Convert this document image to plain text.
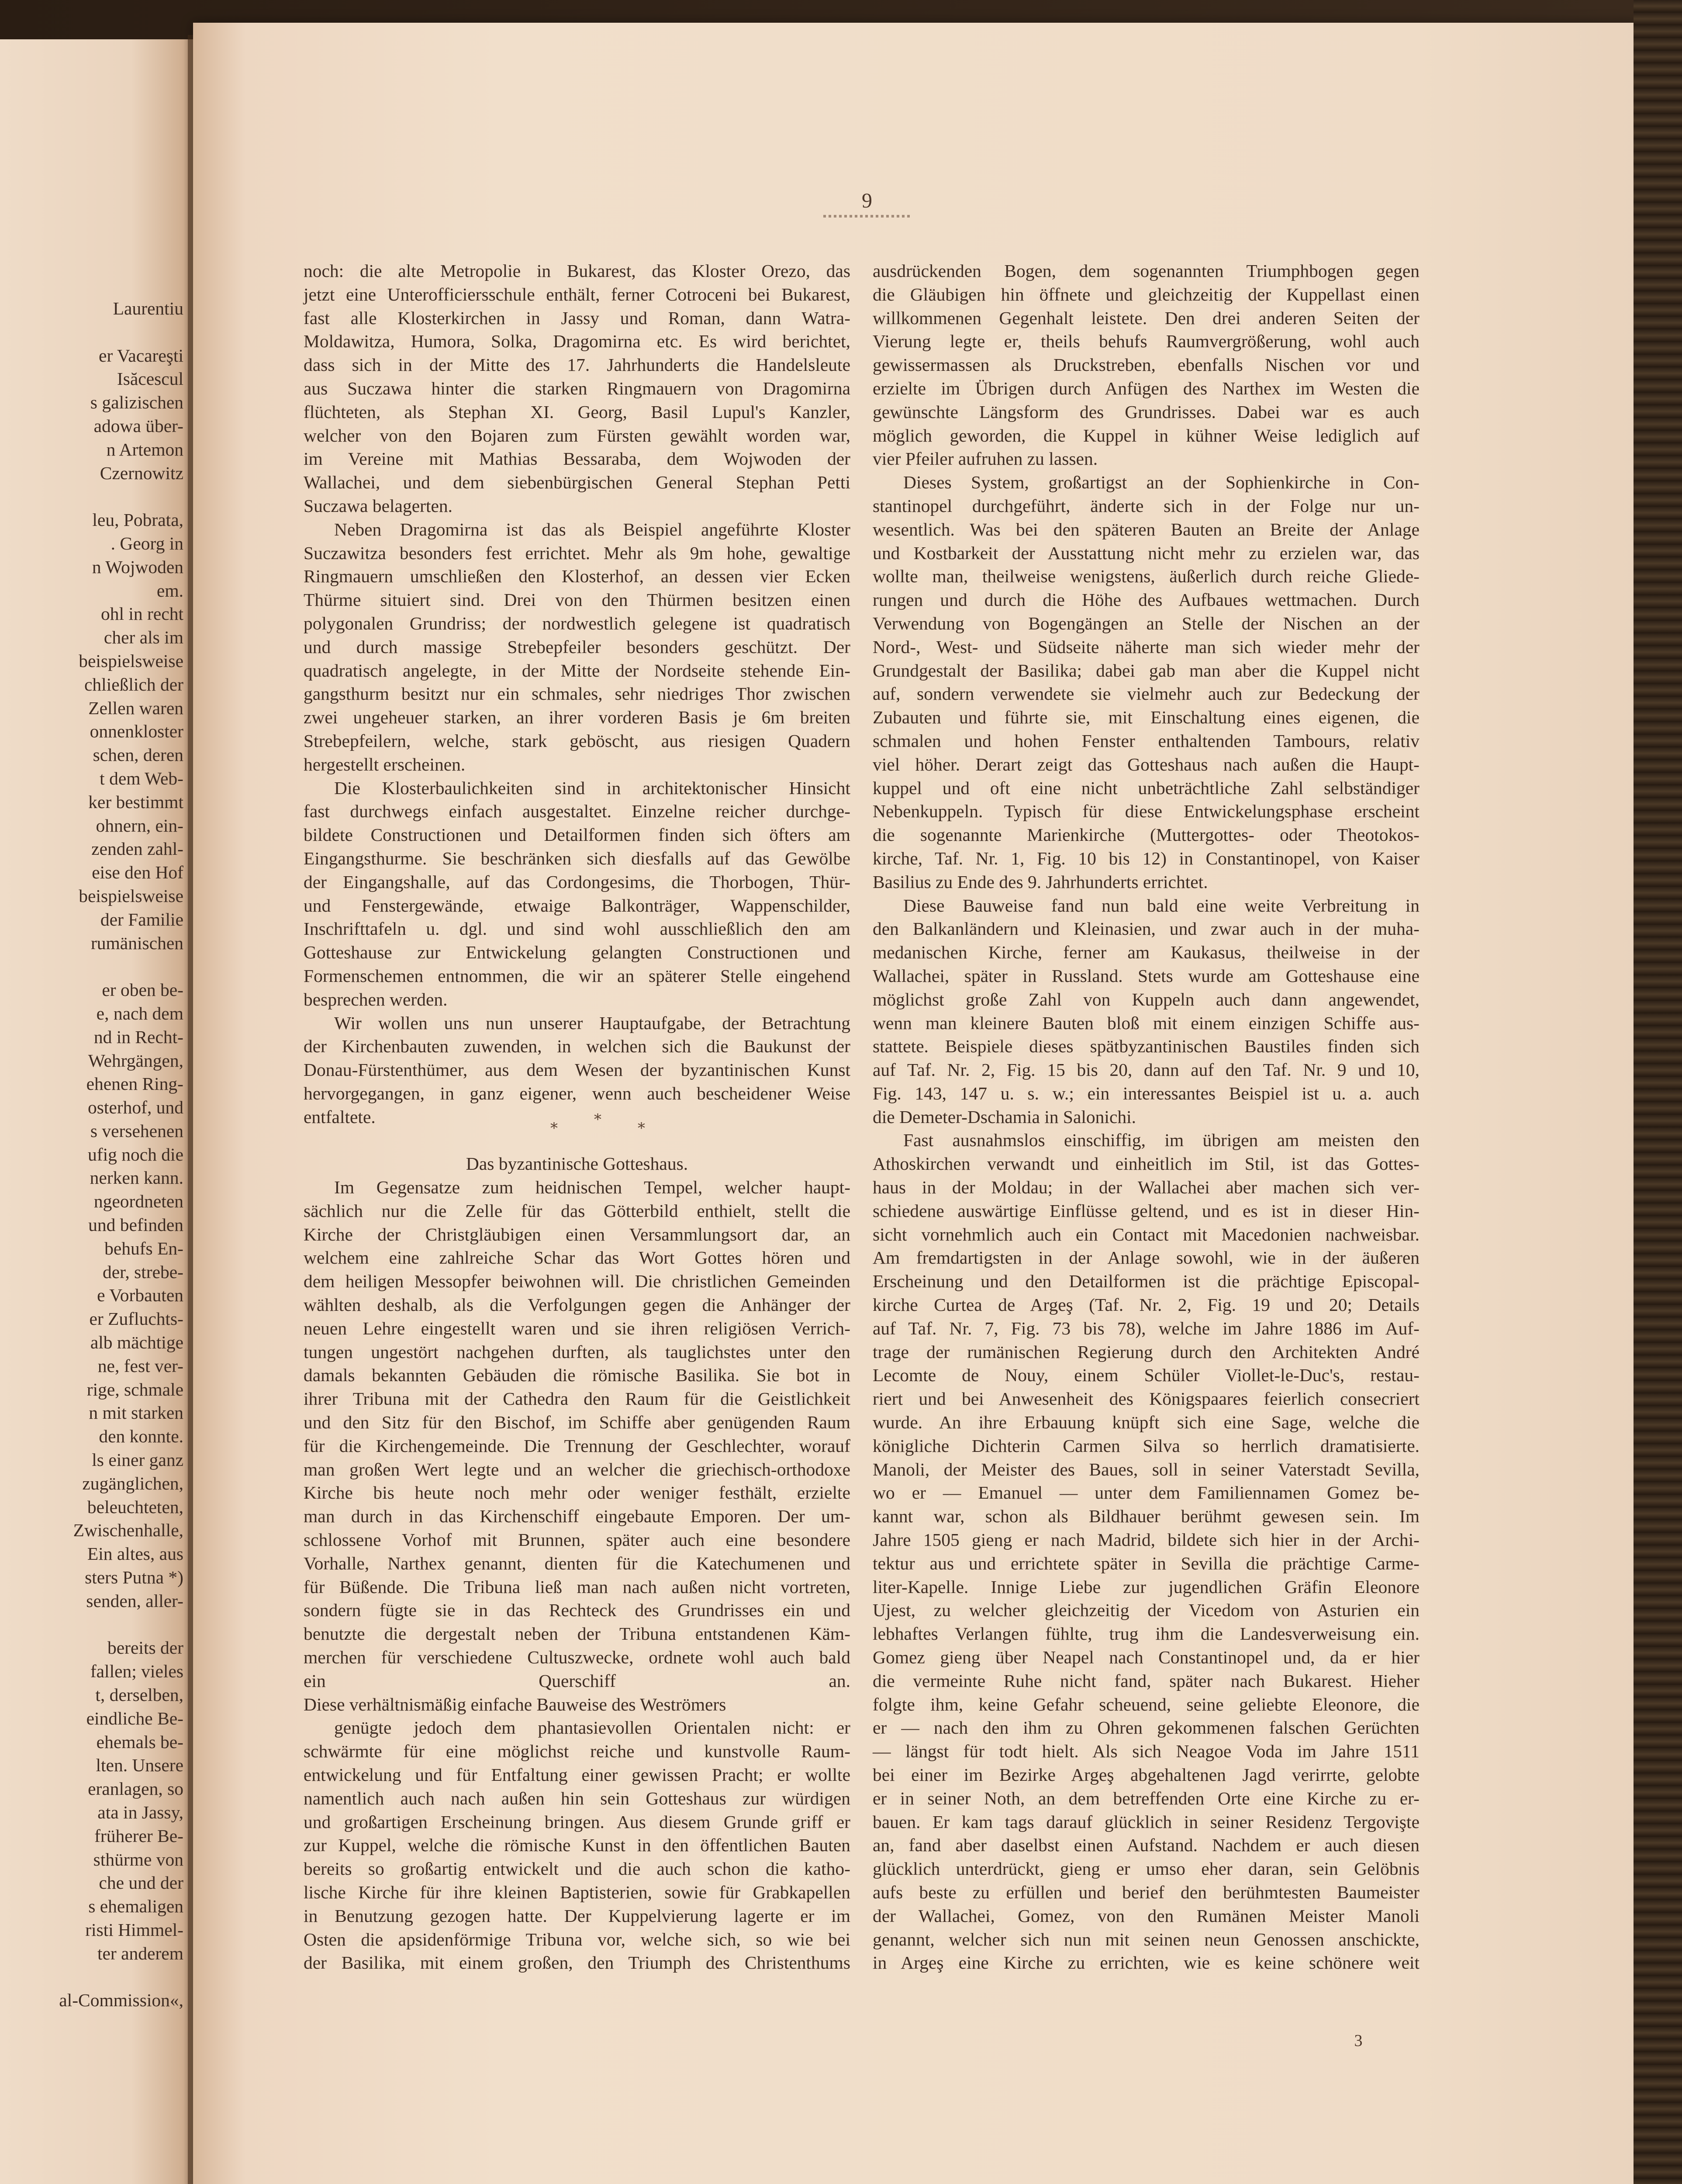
Laurentiu
er Vacareşti
Isăcescul
s galizischen
adowa über-
n Artemon
Czernowitz
leu, Pobrata,
. Georg in
n Wojwoden
em.
ohl in recht
cher als im
beispielsweise
chließlich der
Zellen waren
onnenkloster
schen, deren
t dem Web-
ker bestimmt
ohnern, ein-
zenden zahl-
eise den Hof
beispielsweise
der Familie
rumänischen
er oben be-
e, nach dem
nd in Recht-
Wehrgängen,
ehenen Ring-
osterhof, und
s versehenen
ufig noch die
nerken kann.
ngeordneten
und befinden
behufs En-
der, strebe-
e Vorbauten
er Zufluchts-
alb mächtige
ne, fest ver-
rige, schmale
n mit starken
den konnte.
ls einer ganz
zugänglichen,
beleuchteten,
Zwischenhalle,
Ein altes, aus
sters Putna *)
senden, aller-
bereits der
fallen; vieles
t, derselben,
eindliche Be-
ehemals be-
lten. Unsere
eranlagen, so
ata in Jassy,
früherer Be-
sthürme von
che und der
s ehemaligen
risti Himmel-
ter anderem
al-Commission«,
9
noch: die alte Metropolie in Bukarest, das Kloster Orezo, das
jetzt eine Unterofficiersschule enthält, ferner Cotroceni bei Bukarest,
fast alle Klosterkirchen in Jassy und Roman, dann Watra-
Moldawitza, Humora, Solka, Dragomirna etc. Es wird berichtet,
dass sich in der Mitte des 17. Jahrhunderts die Handelsleute
aus Suczawa hinter die starken Ringmauern von Dragomirna
flüchteten, als Stephan XI. Georg, Basil Lupul's Kanzler,
welcher von den Bojaren zum Fürsten gewählt worden war,
im Vereine mit Mathias Bessaraba, dem Wojwoden der
Wallachei, und dem siebenbürgischen General Stephan Petti
Suczawa belagerten.
Neben Dragomirna ist das als Beispiel angeführte Kloster
Suczawitza besonders fest errichtet. Mehr als 9m hohe, gewaltige
Ringmauern umschließen den Klosterhof, an dessen vier Ecken
Thürme situiert sind. Drei von den Thürmen besitzen einen
polygonalen Grundriss; der nordwestlich gelegene ist quadratisch
und durch massige Strebepfeiler besonders geschützt. Der
quadratisch angelegte, in der Mitte der Nordseite stehende Ein-
gangsthurm besitzt nur ein schmales, sehr niedriges Thor zwischen
zwei ungeheuer starken, an ihrer vorderen Basis je 6m breiten
Strebepfeilern, welche, stark geböscht, aus riesigen Quadern
hergestellt erscheinen.
Die Klosterbaulichkeiten sind in architektonischer Hinsicht
fast durchwegs einfach ausgestaltet. Einzelne reicher durchge-
bildete Constructionen und Detailformen finden sich öfters am
Eingangsthurme. Sie beschränken sich diesfalls auf das Gewölbe
der Eingangshalle, auf das Cordongesims, die Thorbogen, Thür-
und Fenstergewände, etwaige Balkonträger, Wappenschilder,
Inschrifttafeln u. dgl. und sind wohl ausschließlich den am
Gotteshause zur Entwickelung gelangten Constructionen und
Formenschemen entnommen, die wir an späterer Stelle eingehend
besprechen werden.
Wir wollen uns nun unserer Hauptaufgabe, der Betrachtung
der Kirchenbauten zuwenden, in welchen sich die Baukunst der
Donau-Fürstenthümer, aus dem Wesen der byzantinischen Kunst
hervorgegangen, in ganz eigener, wenn auch bescheidener Weise
entfaltete.
Das byzantinische Gotteshaus.
Im Gegensatze zum heidnischen Tempel, welcher haupt-
sächlich nur die Zelle für das Götterbild enthielt, stellt die
Kirche der Christgläubigen einen Versammlungsort dar, an
welchem eine zahlreiche Schar das Wort Gottes hören und
dem heiligen Messopfer beiwohnen will. Die christlichen Gemeinden
wählten deshalb, als die Verfolgungen gegen die Anhänger der
neuen Lehre eingestellt waren und sie ihren religiösen Verrich-
tungen ungestört nachgehen durften, als tauglichstes unter den
damals bekannten Gebäuden die römische Basilika. Sie bot in
ihrer Tribuna mit der Cathedra den Raum für die Geistlichkeit
und den Sitz für den Bischof, im Schiffe aber genügenden Raum
für die Kirchengemeinde. Die Trennung der Geschlechter, worauf
man großen Wert legte und an welcher die griechisch-orthodoxe
Kirche bis heute noch mehr oder weniger festhält, erzielte
man durch in das Kirchenschiff eingebaute Emporen. Der um-
schlossene Vorhof mit Brunnen, später auch eine besondere
Vorhalle, Narthex genannt, dienten für die Katechumenen und
für Büßende. Die Tribuna ließ man nach außen nicht vortreten,
sondern fügte sie in das Rechteck des Grundrisses ein und
benutzte die dergestalt neben der Tribuna entstandenen Käm-
merchen für verschiedene Cultuszwecke, ordnete wohl auch bald
ein Querschiff an.
Diese verhältnismäßig einfache Bauweise des Weströmers
genügte jedoch dem phantasievollen Orientalen nicht: er
schwärmte für eine möglichst reiche und kunstvolle Raum-
entwickelung und für Entfaltung einer gewissen Pracht; er wollte
namentlich auch nach außen hin sein Gotteshaus zur würdigen
und großartigen Erscheinung bringen. Aus diesem Grunde griff er
zur Kuppel, welche die römische Kunst in den öffentlichen Bauten
bereits so großartig entwickelt und die auch schon die katho-
lische Kirche für ihre kleinen Baptisterien, sowie für Grabkapellen
in Benutzung gezogen hatte. Der Kuppelvierung lagerte er im
Osten die apsidenförmige Tribuna vor, welche sich, so wie bei
der Basilika, mit einem großen, den Triumph des Christenthums
ausdrückenden Bogen, dem sogenannten Triumphbogen gegen
die Gläubigen hin öffnete und gleichzeitig der Kuppellast einen
willkommenen Gegenhalt leistete. Den drei anderen Seiten der
Vierung legte er, theils behufs Raumvergrößerung, wohl auch
gewissermassen als Druckstreben, ebenfalls Nischen vor und
erzielte im Übrigen durch Anfügen des Narthex im Westen die
gewünschte Längsform des Grundrisses. Dabei war es auch
möglich geworden, die Kuppel in kühner Weise lediglich auf
vier Pfeiler aufruhen zu lassen.
Dieses System, großartigst an der Sophienkirche in Con-
stantinopel durchgeführt, änderte sich in der Folge nur un-
wesentlich. Was bei den späteren Bauten an Breite der Anlage
und Kostbarkeit der Ausstattung nicht mehr zu erzielen war, das
wollte man, theilweise wenigstens, äußerlich durch reiche Gliede-
rungen und durch die Höhe des Aufbaues wettmachen. Durch
Verwendung von Bogengängen an Stelle der Nischen an der
Nord-, West- und Südseite näherte man sich wieder mehr der
Grundgestalt der Basilika; dabei gab man aber die Kuppel nicht
auf, sondern verwendete sie vielmehr auch zur Bedeckung der
Zubauten und führte sie, mit Einschaltung eines eigenen, die
schmalen und hohen Fenster enthaltenden Tambours, relativ
viel höher. Derart zeigt das Gotteshaus nach außen die Haupt-
kuppel und oft eine nicht unbeträchtliche Zahl selbständiger
Nebenkuppeln. Typisch für diese Entwickelungsphase erscheint
die sogenannte Marienkirche (Muttergottes- oder Theotokos-
kirche, Taf. Nr. 1, Fig. 10 bis 12) in Constantinopel, von Kaiser
Basilius zu Ende des 9. Jahrhunderts errichtet.
Diese Bauweise fand nun bald eine weite Verbreitung in
den Balkanländern und Kleinasien, und zwar auch in der muha-
medanischen Kirche, ferner am Kaukasus, theilweise in der
Wallachei, später in Russland. Stets wurde am Gotteshause eine
möglichst große Zahl von Kuppeln auch dann angewendet,
wenn man kleinere Bauten bloß mit einem einzigen Schiffe aus-
stattete. Beispiele dieses spätbyzantinischen Baustiles finden sich
auf Taf. Nr. 2, Fig. 15 bis 20, dann auf den Taf. Nr. 9 und 10,
Fig. 143, 147 u. s. w.; ein interessantes Beispiel ist u. a. auch
die Demeter-Dschamia in Salonichi.
Fast ausnahmslos einschiffig, im übrigen am meisten den
Athoskirchen verwandt und einheitlich im Stil, ist das Gottes-
haus in der Moldau; in der Wallachei aber machen sich ver-
schiedene auswärtige Einflüsse geltend, und es ist in dieser Hin-
sicht vornehmlich auch ein Contact mit Macedonien nachweisbar.
Am fremdartigsten in der Anlage sowohl, wie in der äußeren
Erscheinung und den Detailformen ist die prächtige Episcopal-
kirche Curtea de Argeş (Taf. Nr. 2, Fig. 19 und 20; Details
auf Taf. Nr. 7, Fig. 73 bis 78), welche im Jahre 1886 im Auf-
trage der rumänischen Regierung durch den Architekten André
Lecomte de Nouy, einem Schüler Viollet-le-Duc's, restau-
riert und bei Anwesenheit des Königspaares feierlich consecriert
wurde. An ihre Erbauung knüpft sich eine Sage, welche die
königliche Dichterin Carmen Silva so herrlich dramatisierte.
Manoli, der Meister des Baues, soll in seiner Vaterstadt Sevilla,
wo er — Emanuel — unter dem Familiennamen Gomez be-
kannt war, schon als Bildhauer berühmt gewesen sein. Im
Jahre 1505 gieng er nach Madrid, bildete sich hier in der Archi-
tektur aus und errichtete später in Sevilla die prächtige Carme-
liter-Kapelle. Innige Liebe zur jugendlichen Gräfin Eleonore
Ujest, zu welcher gleichzeitig der Vicedom von Asturien ein
lebhaftes Verlangen fühlte, trug ihm die Landesverweisung ein.
Gomez gieng über Neapel nach Constantinopel und, da er hier
die vermeinte Ruhe nicht fand, später nach Bukarest. Hieher
folgte ihm, keine Gefahr scheuend, seine geliebte Eleonore, die
er — nach den ihm zu Ohren gekommenen falschen Gerüchten
— längst für todt hielt. Als sich Neagoe Voda im Jahre 1511
bei einer im Bezirke Argeş abgehaltenen Jagd verirrte, gelobte
er in seiner Noth, an dem betreffenden Orte eine Kirche zu er-
bauen. Er kam tags darauf glücklich in seiner Residenz Tergovişte
an, fand aber daselbst einen Aufstand. Nachdem er auch diesen
glücklich unterdrückt, gieng er umso eher daran, sein Gelöbnis
aufs beste zu erfüllen und berief den berühmtesten Baumeister
der Wallachei, Gomez, von den Rumänen Meister Manoli
genannt, welcher sich nun mit seinen neun Genossen anschickte,
in Argeş eine Kirche zu errichten, wie es keine schönere weit
* * *
3
